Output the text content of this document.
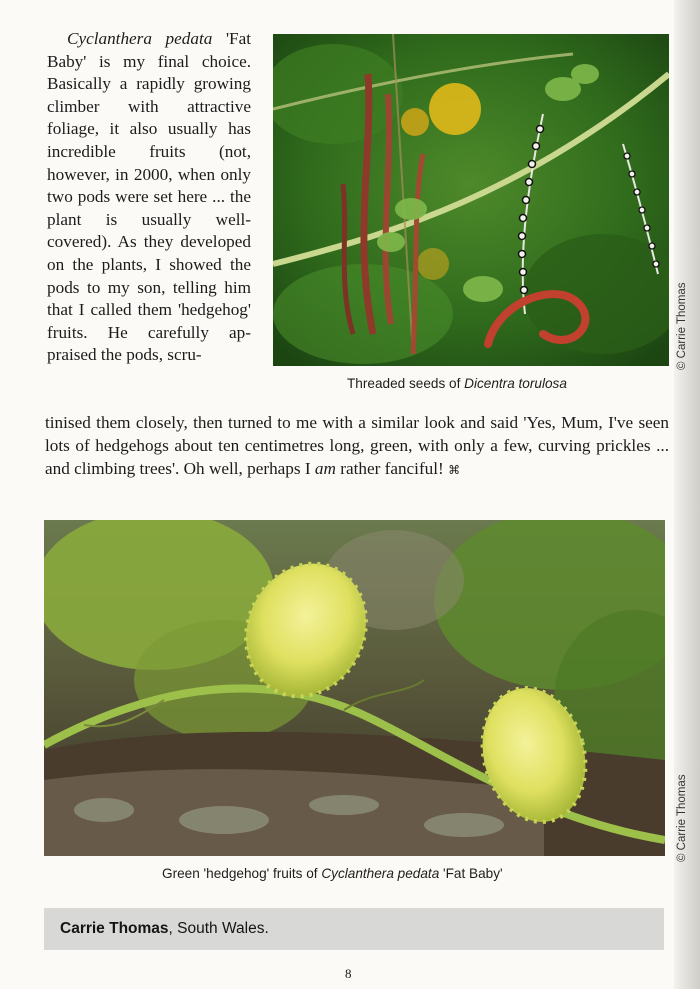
Cyclanthera pedata 'Fat Baby' is my final choice. Basically a rapidly growing climber with attractive foliage, it also usually has incredible fruits (not, however, in 2000, when only two pods were set here ... the plant is usually well-covered). As they developed on the plants, I showed the pods to my son, telling him that I called them 'hedgehog' fruits. He carefully ap-praised the pods, scru-	© Carrie Thomas
Threaded seeds of Dicentra torulosa

tinised them closely, then turned to me with a similar look and said 'Yes, Mum, I've seen lots of hedgehogs about ten centimetres long, green, with only a few, curving prickles ... and climbing trees'. Oh well, perhaps I am rather fanciful! ⌘

© Carrie Thomas
Green 'hedgehog' fruits of Cyclanthera pedata 'Fat Baby'
Carrie Thomas, South Wales.
8
